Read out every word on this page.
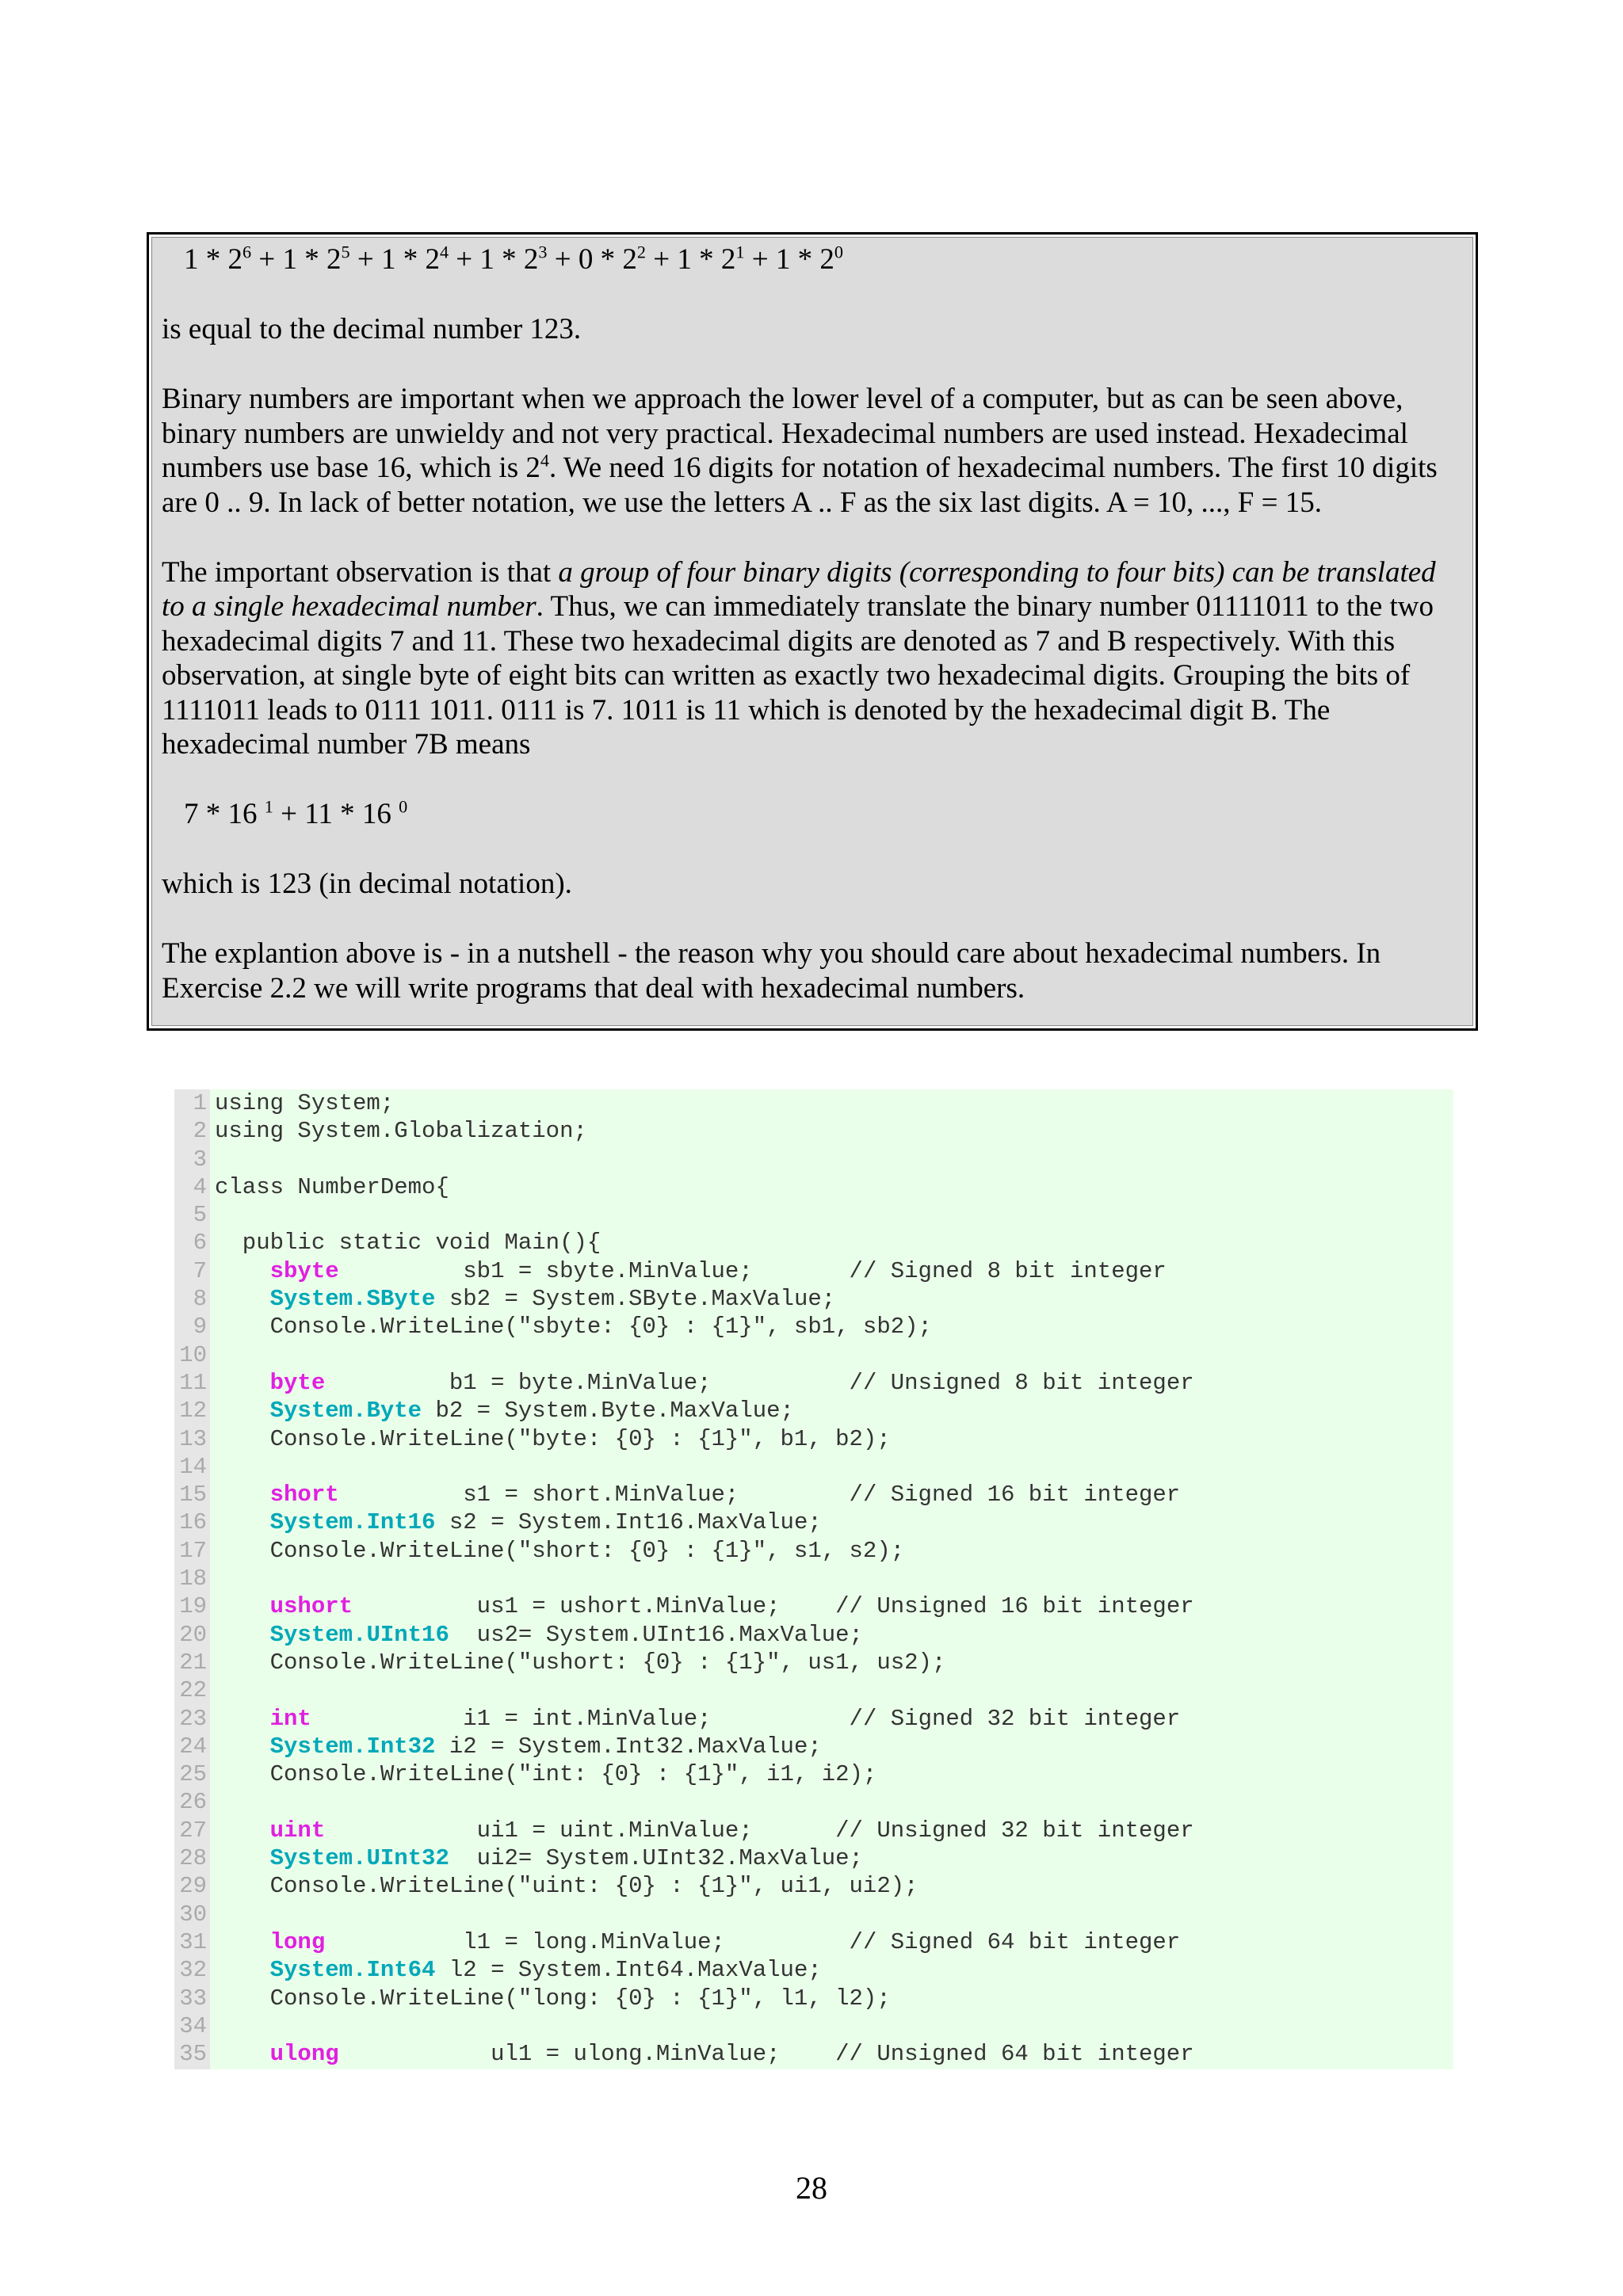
$1 * 2^6 + 1 * 2^5 + 1 * 2^4 + 1 * 2^3 + 0 * 2^2 + 1 * 2^1 + 1 * 2^0$

is equal to the decimal number 123.

Binary numbers are important when we approach the lower level of a computer, but as can be seen above, binary numbers are unwieldy and not very practical. Hexadecimal numbers are used instead. Hexadecimal numbers use base 16, which is $2^4$. We need 16 digits for notation of hexadecimal numbers. The first 10 digits are 0 .. 9. In lack of better notation, we use the letters A .. F as the six last digits. A = 10, ..., F = 15.

The important observation is that a group of four binary digits (corresponding to four bits) can be translated to a single hexadecimal number. Thus, we can immediately translate the binary number 01111011 to the two hexadecimal digits 7 and 11. These two hexadecimal digits are denoted as 7 and B respectively. With this observation, at single byte of eight bits can written as exactly two hexadecimal digits. Grouping the bits of 1111011 leads to 0111 1011. 0111 is 7. 1011 is 11 which is denoted by the hexadecimal digit B. The hexadecimal number 7B means

7 * 16 $^1$ + 11 * 16 $^0$

which is 123 (in decimal notation).

The explantion above is - in a nutshell - the reason why you should care about hexadecimal numbers. In Exercise 2.2 we will write programs that deal with hexadecimal numbers.

1
2
3
4
5
6
7
8
9
10
11
12
13
14
15
16
17
18
19
20
21
22
23
24
25
26
27
28
29
30
31
32
33
34
35
using System;
using System.Globalization;
class NumberDemo{
public static void Main(){
sbyte         sb1 = sbyte.MinValue;       // Signed 8 bit integer
System.SByte sb2 = System.SByte.MaxValue;
Console.WriteLine("sbyte: {0} : {1}", sb1, sb2);
byte         b1 = byte.MinValue;          // Unsigned 8 bit integer
System.Byte b2 = System.Byte.MaxValue;
Console.WriteLine("byte: {0} : {1}", b1, b2);
short         s1 = short.MinValue;        // Signed 16 bit integer
System.Int16 s2 = System.Int16.MaxValue;
Console.WriteLine("short: {0} : {1}", s1, s2);
ushort         us1 = ushort.MinValue;    // Unsigned 16 bit integer
System.UInt16  us2= System.UInt16.MaxValue;
Console.WriteLine("ushort: {0} : {1}", us1, us2);
int           i1 = int.MinValue;          // Signed 32 bit integer
System.Int32 i2 = System.Int32.MaxValue;
Console.WriteLine("int: {0} : {1}", i1, i2);
uint           ui1 = uint.MinValue;      // Unsigned 32 bit integer
System.UInt32  ui2= System.UInt32.MaxValue;
Console.WriteLine("uint: {0} : {1}", ui1, ui2);
long          l1 = long.MinValue;         // Signed 64 bit integer
System.Int64 l2 = System.Int64.MaxValue;
Console.WriteLine("long: {0} : {1}", l1, l2);
ulong           ul1 = ulong.MinValue;    // Unsigned 64 bit integer
28
